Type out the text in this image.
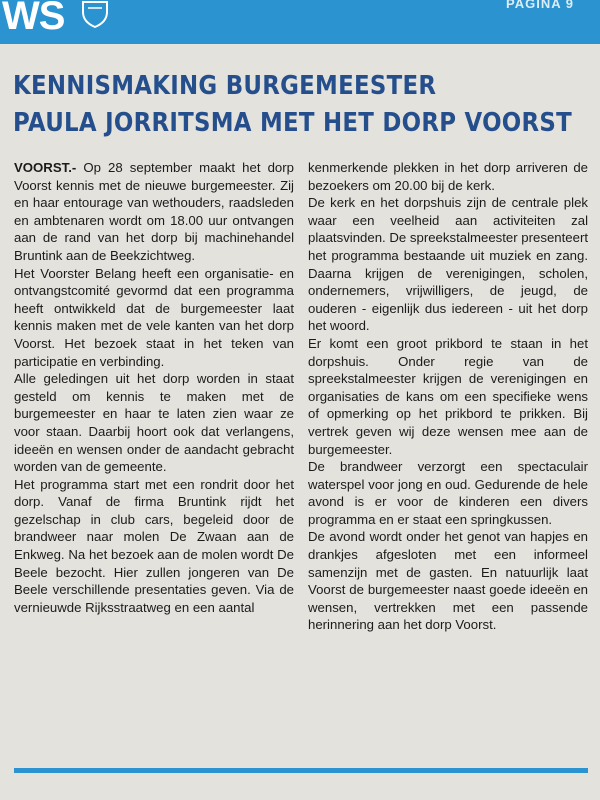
WS	PAGINA 9
KENNISMAKING BURGEMEESTER
PAULA JORRITSMA MET HET DORP VOORST

VOORST.- Op 28 september maakt het dorp Voorst kennis met de nieuwe burgemeester. Zij en haar entourage van wethouders, raadsleden en ambtenaren wordt om 18.00 uur ontvangen aan de rand van het dorp bij machinehandel Bruntink aan de Beekzichtweg.

Het Voorster Belang heeft een organisatie- en ontvangstcomité gevormd dat een programma heeft ontwikkeld dat de burgemeester laat kennis maken met de vele kanten van het dorp Voorst. Het bezoek staat in het teken van participatie en verbinding.

Alle geledingen uit het dorp worden in staat gesteld om kennis te maken met de burgemeester en haar te laten zien waar ze voor staan. Daarbij hoort ook dat verlangens, ideeën en wensen onder de aandacht gebracht worden van de gemeente.

Het programma start met een rondrit door het dorp. Vanaf de firma Bruntink rijdt het gezelschap in club cars, begeleid door de brandweer naar molen De Zwaan aan de Enkweg. Na het bezoek aan de molen wordt De Beele bezocht. Hier zullen jongeren van De Beele verschillende presentaties geven. Via de vernieuwde Rijksstraatweg en een aantal

kenmerkende plekken in het dorp arriveren de bezoekers om 20.00 bij de kerk.

De kerk en het dorpshuis zijn de centrale plek waar een veelheid aan activiteiten zal plaatsvinden. De spreekstalmeester presenteert het programma bestaande uit muziek en zang. Daarna krijgen de verenigingen, scholen, ondernemers, vrijwilligers, de jeugd, de ouderen - eigenlijk dus iedereen - uit het dorp het woord.

Er komt een groot prikbord te staan in het dorpshuis. Onder regie van de spreekstalmeester krijgen de verenigingen en organisaties de kans om een specifieke wens of opmerking op het prikbord te prikken. Bij vertrek geven wij deze wensen mee aan de burgemeester.

De brandweer verzorgt een spectaculair waterspel voor jong en oud. Gedurende de hele avond is er voor de kinderen een divers programma en er staat een springkussen.

De avond wordt onder het genot van hapjes en drankjes afgesloten met een informeel samenzijn met de gasten. En natuurlijk laat Voorst de burgemeester naast goede ideeën en wensen, vertrekken met een passende herinnering aan het dorp Voorst.
